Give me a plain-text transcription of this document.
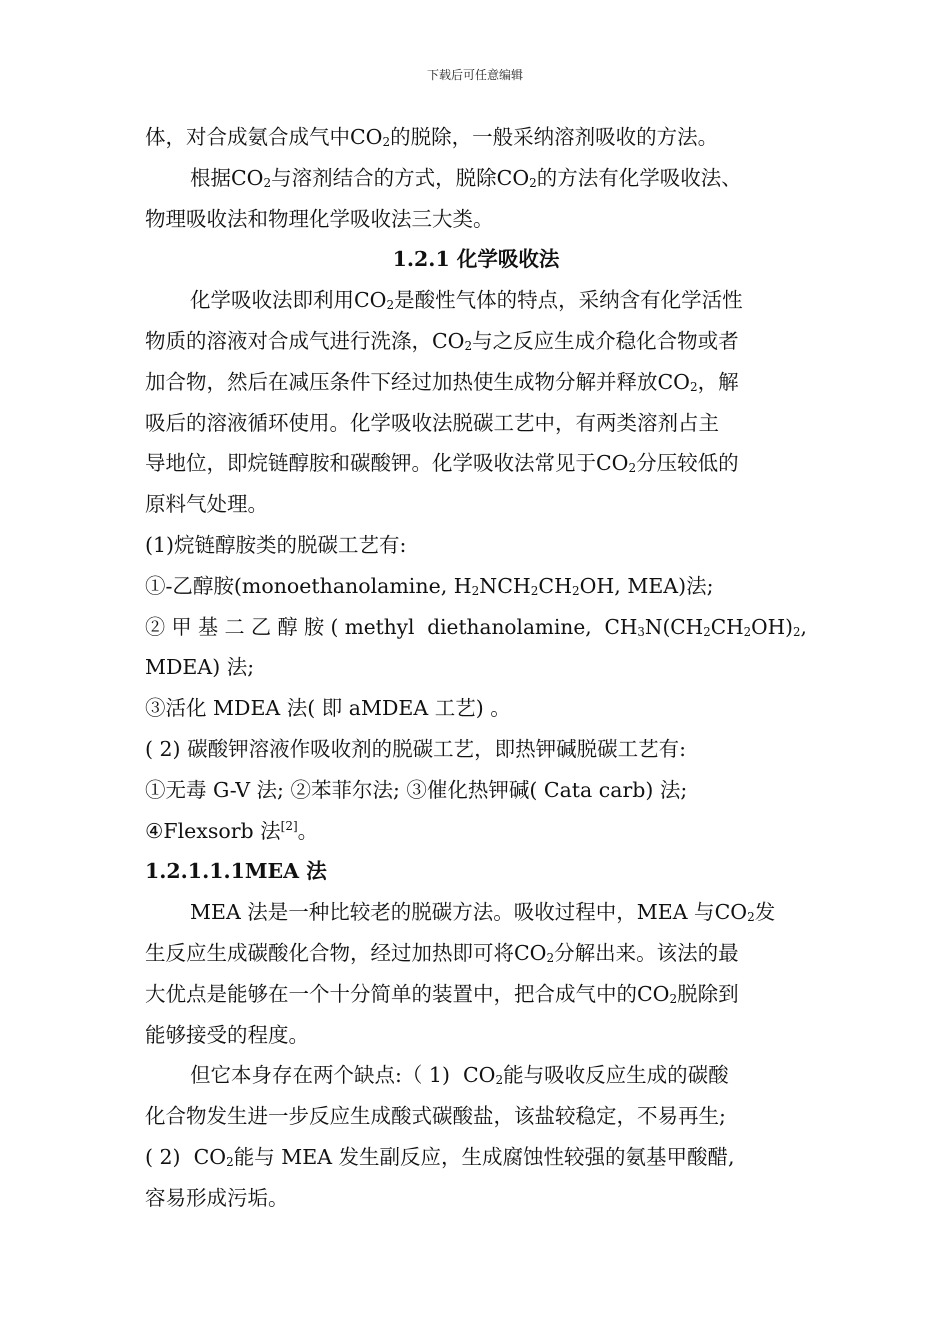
下载后可任意编辑
体，对合成氨合成气中$CO_2$的脱除，一般采纳溶剂吸收的方法。
根据$CO_2$与溶剂结合的方式，脱除$CO_2$的方法有化学吸收法、
物理吸收法和物理化学吸收法三大类。
1.2.1 化学吸收法
化学吸收法即利用$CO_2$是酸性气体的特点，采纳含有化学活性
物质的溶液对合成气进行洗涤，$CO_2$与之反应生成介稳化合物或者
加合物，然后在减压条件下经过加热使生成物分解并释放$CO_2$，解
吸后的溶液循环使用。化学吸收法脱碳工艺中，有两类溶剂占主
导地位，即烷链醇胺和碳酸钾。化学吸收法常见于$CO_2$分压较低的
原料气处理。
(1)烷链醇胺类的脱碳工艺有:
①-乙醇胺(monoethanolamine, $H_2NCH_2CH_2OH$, MEA)法;
② 甲 基 二 乙 醇 胺 ( methyl  diethanolamine,  $CH_3N(CH_2CH_2OH)_2$,
MDEA) 法;
③活化 MDEA 法( 即 aMDEA 工艺) 。
( 2) 碳酸钾溶液作吸收剂的脱碳工艺，即热钾碱脱碳工艺有:
①无毒 G-V 法; ②苯菲尔法; ③催化热钾碱( Cata carb) 法;
④Flexsorb 法[2]。
1.2.1.1.1MEA 法
MEA 法是一种比较老的脱碳方法。吸收过程中，MEA 与$CO_2$发
生反应生成碳酸化合物，经过加热即可将$CO_2$分解出来。该法的最
大优点是能够在一个十分简单的装置中，把合成气中的$CO_2$脱除到
能够接受的程度。
但它本身存在两个缺点:（ 1)  $CO_2$能与吸收反应生成的碳酸
化合物发生进一步反应生成酸式碳酸盐，该盐较稳定，不易再生;
( 2)  $CO_2$能与 MEA 发生副反应，生成腐蚀性较强的氨基甲酸醋,
容易形成污垢。
